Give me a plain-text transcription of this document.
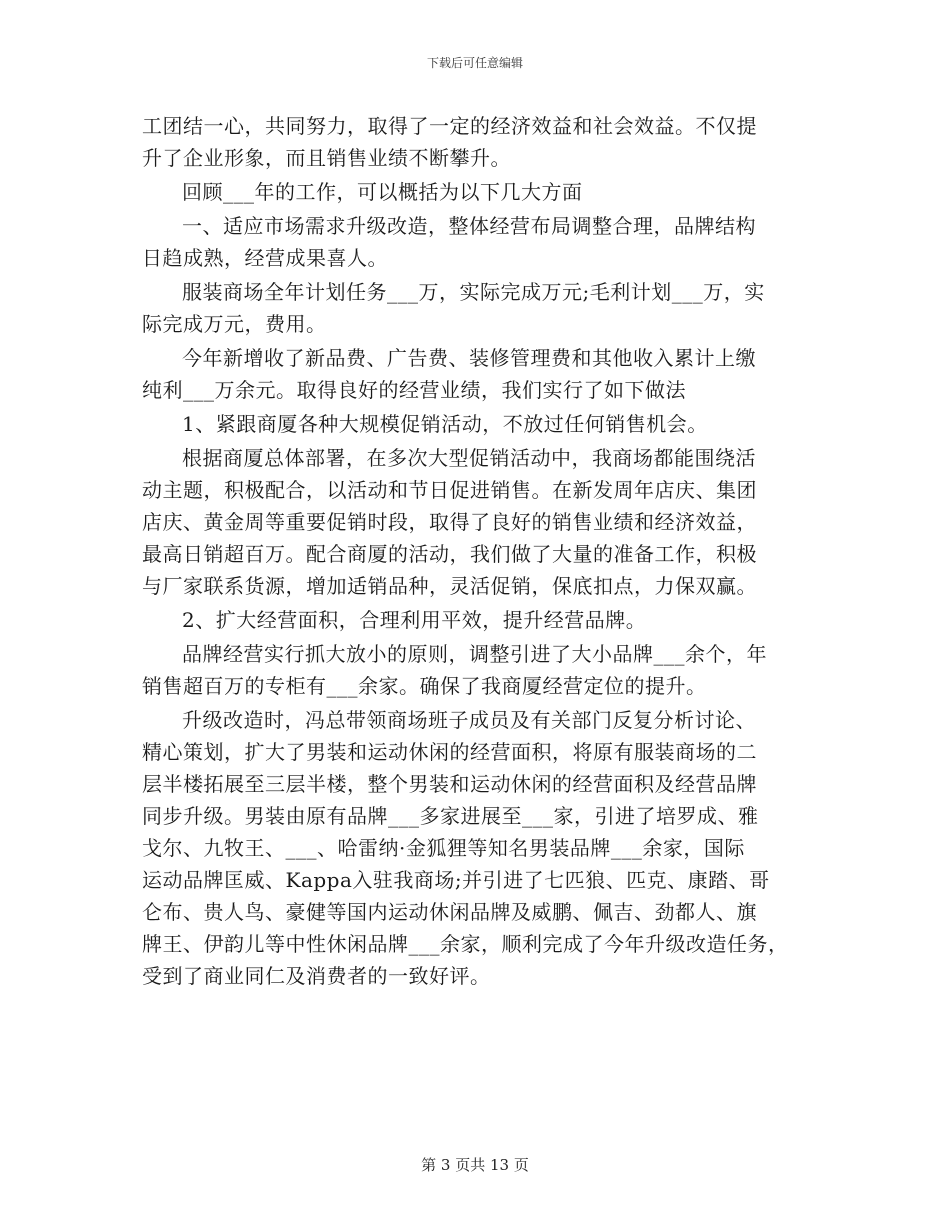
下载后可任意编辑

工团结一心，共同努力，取得了一定的经济效益和社会效益。不仅提
升了企业形象，而且销售业绩不断攀升。

回顾___年的工作，可以概括为以下几大方面

一、适应市场需求升级改造，整体经营布局调整合理，品牌结构
日趋成熟，经营成果喜人。

服装商场全年计划任务___万，实际完成万元;毛利计划___万，实
际完成万元，费用。

今年新增收了新品费、广告费、装修管理费和其他收入累计上缴
纯利___万余元。取得良好的经营业绩，我们实行了如下做法

1、紧跟商厦各种大规模促销活动，不放过任何销售机会。

根据商厦总体部署，在多次大型促销活动中，我商场都能围绕活
动主题，积极配合，以活动和节日促进销售。在新发周年店庆、集团
店庆、黄金周等重要促销时段，取得了良好的销售业绩和经济效益，
最高日销超百万。配合商厦的活动，我们做了大量的准备工作，积极
与厂家联系货源，增加适销品种，灵活促销，保底扣点，力保双赢。

2、扩大经营面积，合理利用平效，提升经营品牌。

品牌经营实行抓大放小的原则，调整引进了大小品牌___余个，年
销售超百万的专柜有___余家。确保了我商厦经营定位的提升。

升级改造时，冯总带领商场班子成员及有关部门反复分析讨论、
精心策划，扩大了男装和运动休闲的经营面积，将原有服装商场的二
层半楼拓展至三层半楼，整个男装和运动休闲的经营面积及经营品牌
同步升级。男装由原有品牌___多家进展至___家，引进了培罗成、雅
戈尔、九牧王、___、哈雷纳·金狐狸等知名男装品牌___余家，国际
运动品牌匡威、Kappa入驻我商场;并引进了七匹狼、匹克、康踏、哥
仑布、贵人鸟、豪健等国内运动休闲品牌及威鹏、佩吉、劲都人、旗
牌王、伊韵儿等中性休闲品牌___余家，顺利完成了今年升级改造任务，
受到了商业同仁及消费者的一致好评。

第 3 页共 13 页
